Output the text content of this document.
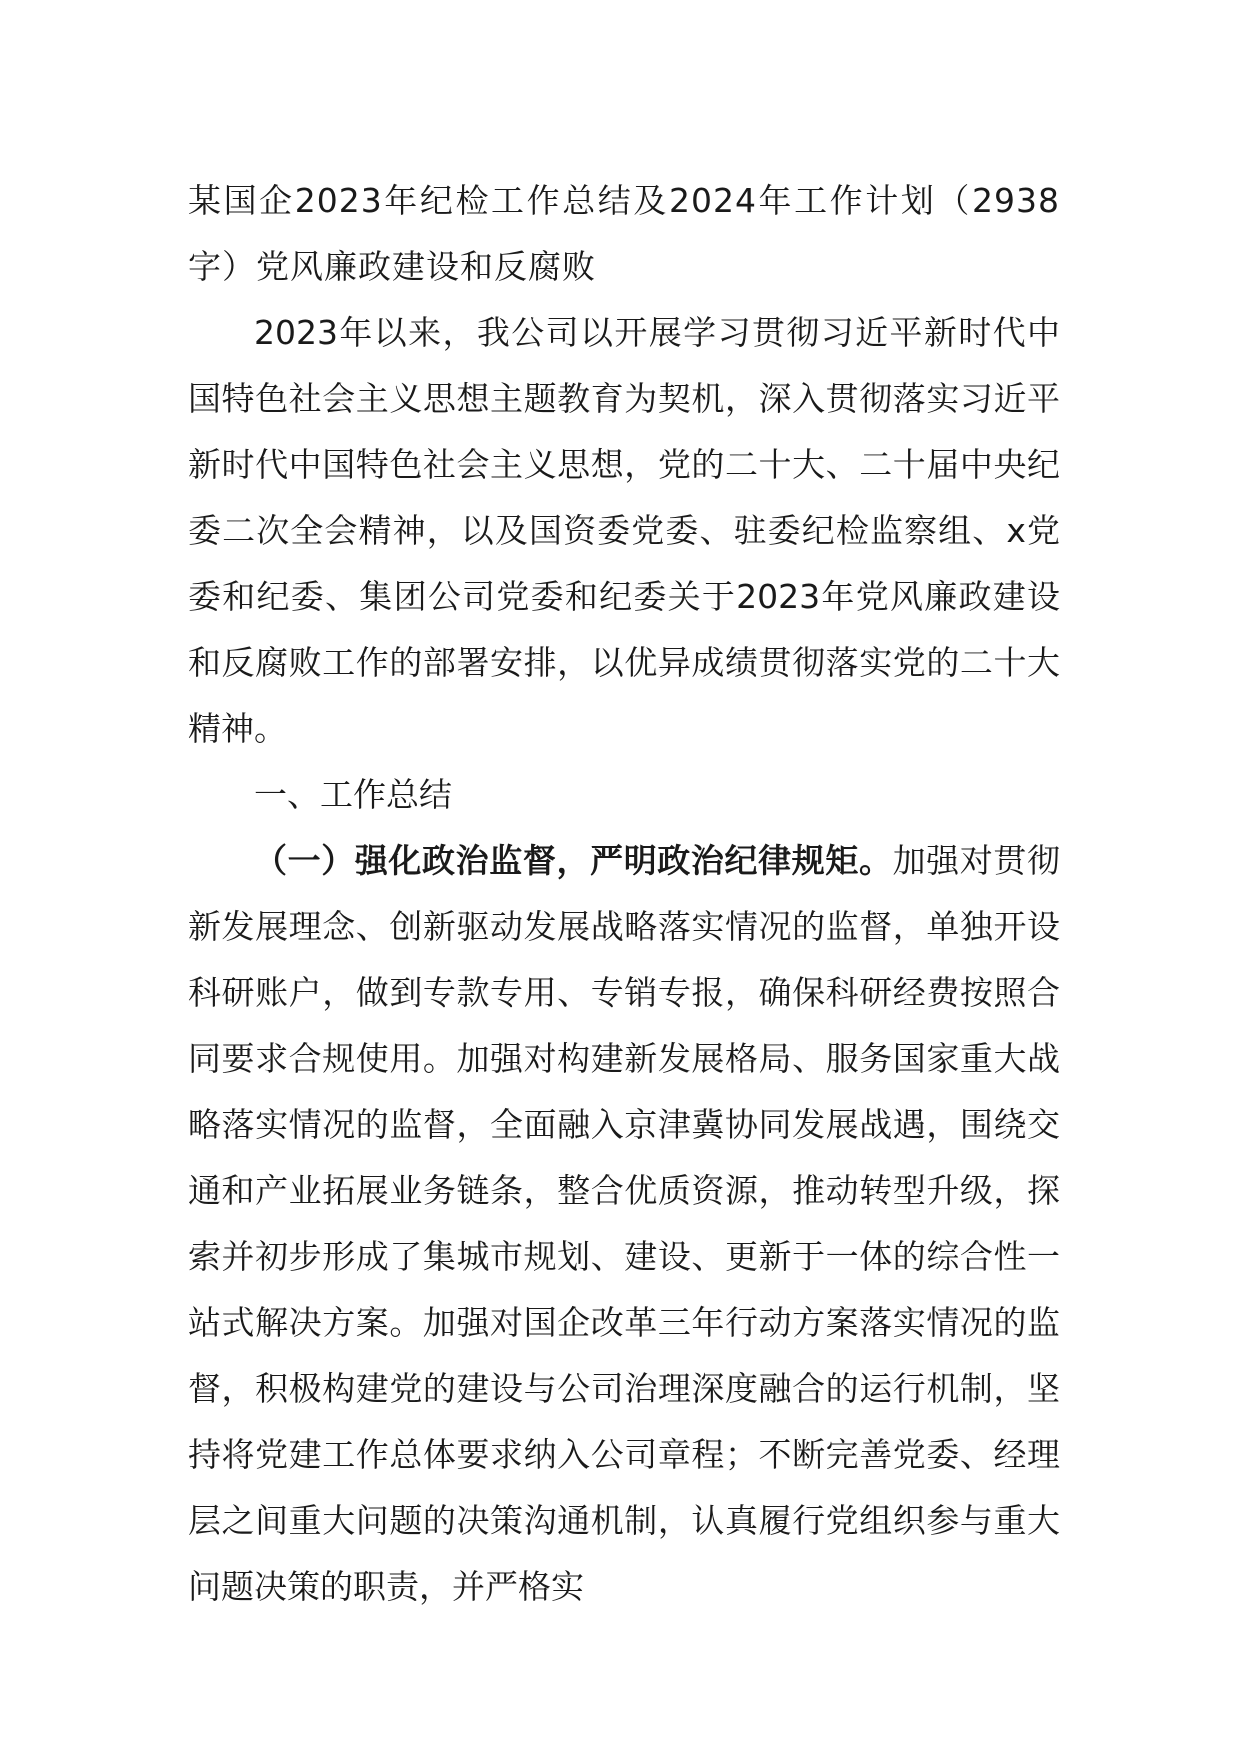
某国企2023年纪检工作总结及2024年工作计划（2938字）党风廉政建设和反腐败

2023年以来，我公司以开展学习贯彻习近平新时代中国特色社会主义思想主题教育为契机，深入贯彻落实习近平新时代中国特色社会主义思想，党的二十大、二十届中央纪委二次全会精神，以及国资委党委、驻委纪检监察组、x党委和纪委、集团公司党委和纪委关于2023年党风廉政建设和反腐败工作的部署安排，以优异成绩贯彻落实党的二十大精神。

一、工作总结

（一）强化政治监督，严明政治纪律规矩。加强对贯彻新发展理念、创新驱动发展战略落实情况的监督，单独开设科研账户，做到专款专用、专销专报，确保科研经费按照合同要求合规使用。加强对构建新发展格局、服务国家重大战略落实情况的监督，全面融入京津冀协同发展战遇，围绕交通和产业拓展业务链条，整合优质资源，推动转型升级，探索并初步形成了集城市规划、建设、更新于一体的综合性一站式解决方案。加强对国企改革三年行动方案落实情况的监督，积极构建党的建设与公司治理深度融合的运行机制，坚持将党建工作总体要求纳入公司章程；不断完善党委、经理层之间重大问题的决策沟通机制，认真履行党组织参与重大问题决策的职责，并严格实
